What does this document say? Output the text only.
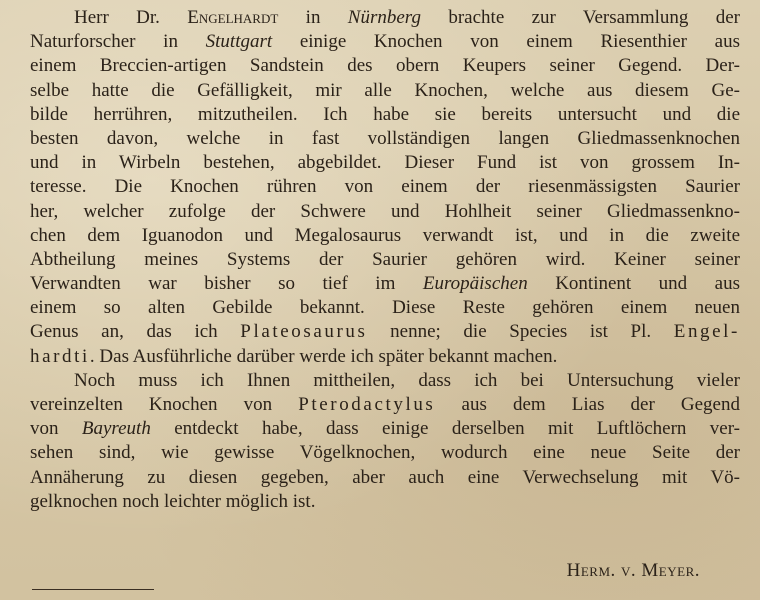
Herr Dr. Engelhardt in Nürnberg brachte zur Versammlung der
Naturforscher in Stuttgart einige Knochen von einem Riesenthier aus
einem Breccien-artigen Sandstein des obern Keupers seiner Gegend. Der-
selbe hatte die Gefälligkeit, mir alle Knochen, welche aus diesem Ge-
bilde herrühren, mitzutheilen. Ich habe sie bereits untersucht und die
besten davon, welche in fast vollständigen langen Gliedmassenknochen
und in Wirbeln bestehen, abgebildet. Dieser Fund ist von grossem In-
teresse. Die Knochen rühren von einem der riesenmässigsten Saurier
her, welcher zufolge der Schwere und Hohlheit seiner Gliedmassenkno-
chen dem Iguanodon und Megalosaurus verwandt ist, und in die zweite
Abtheilung meines Systems der Saurier gehören wird. Keiner seiner
Verwandten war bisher so tief im Europäischen Kontinent und aus
einem so alten Gebilde bekannt. Diese Reste gehören einem neuen
Genus an, das ich Plateosaurus nenne; die Species ist Pl. Engel-
hardti. Das Ausführliche darüber werde ich später bekannt machen.
Noch muss ich Ihnen mittheilen, dass ich bei Untersuchung vieler
vereinzelten Knochen von Pterodactylus aus dem Lias der Gegend
von Bayreuth entdeckt habe, dass einige derselben mit Luftlöchern ver-
sehen sind, wie gewisse Vögelknochen, wodurch eine neue Seite der
Annäherung zu diesen gegeben, aber auch eine Verwechselung mit Vö-
gelknochen noch leichter möglich ist.
Herm. v. Meyer.
